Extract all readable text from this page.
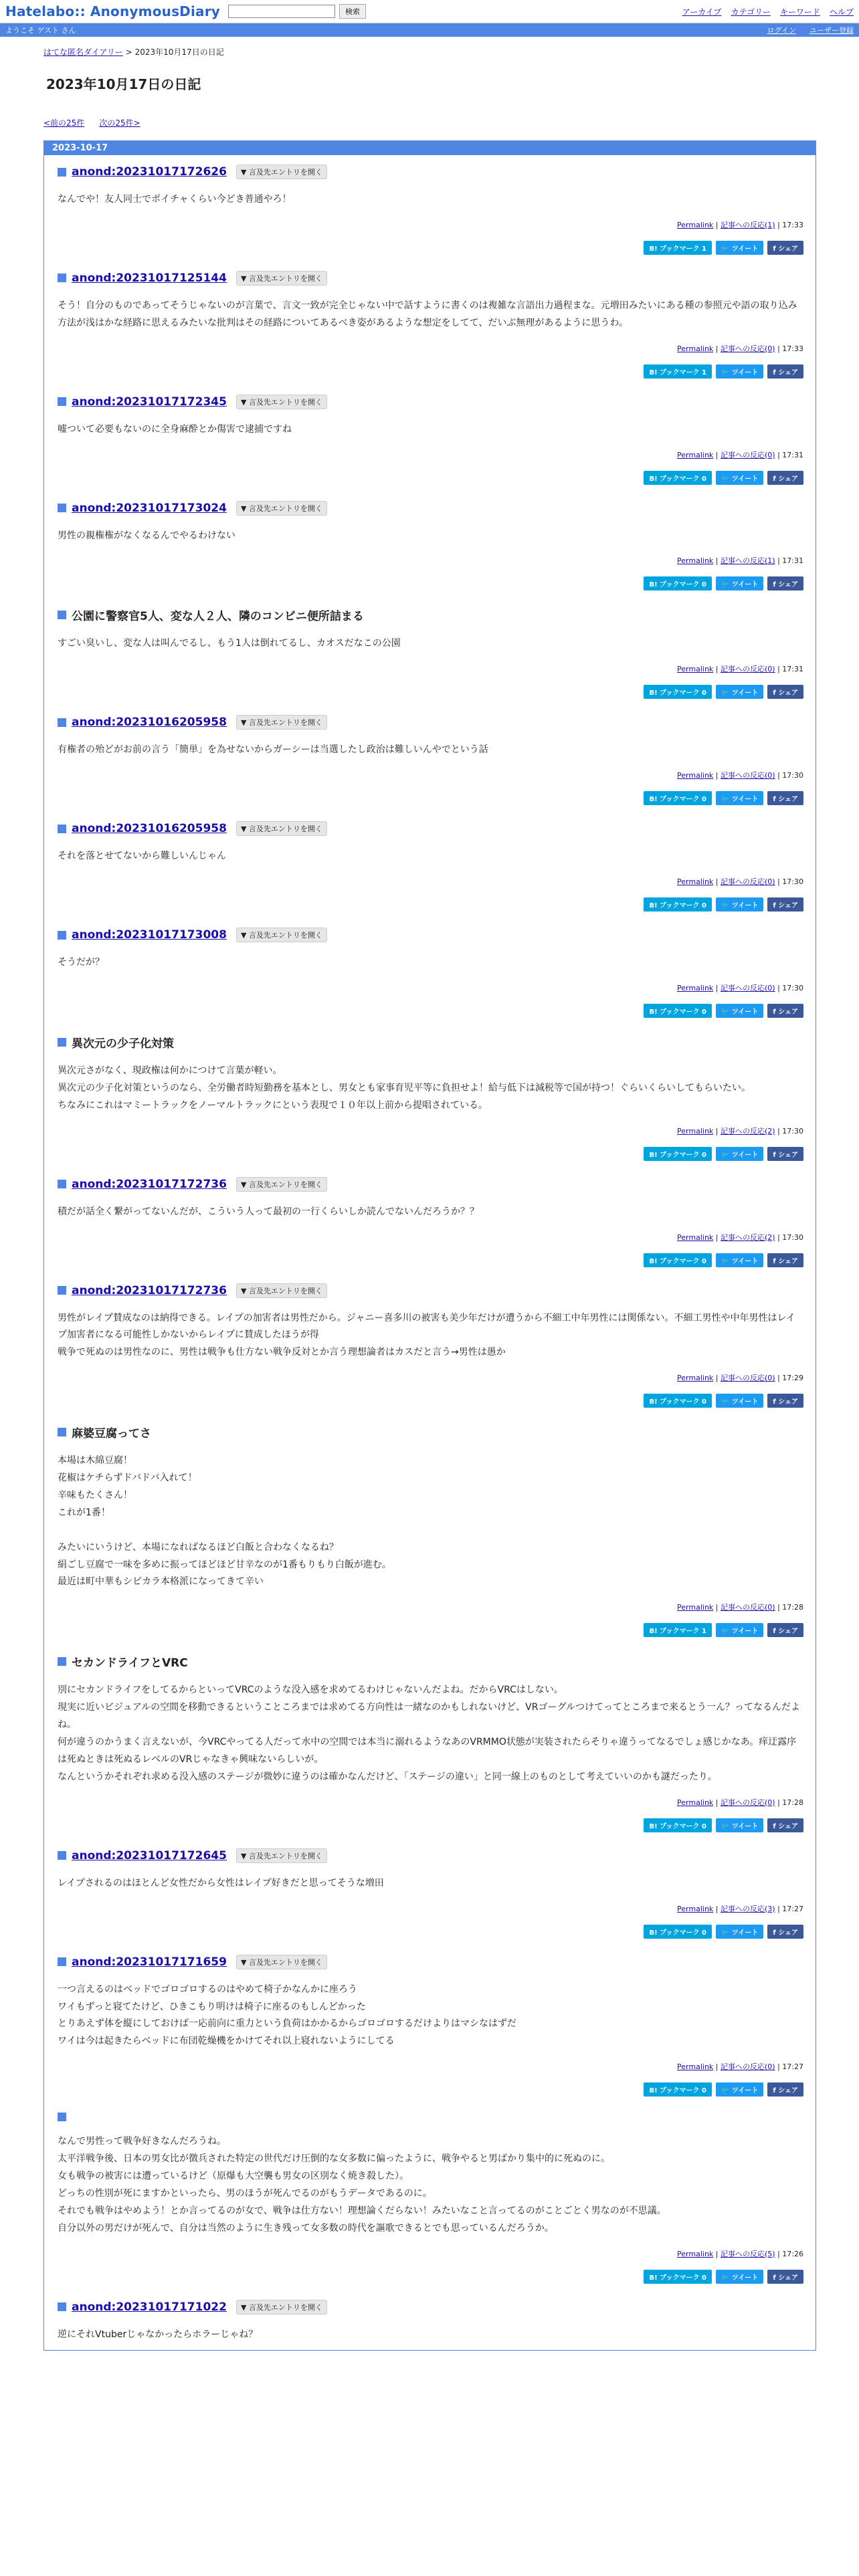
Hatelabo:: AnonymousDiary	検索	アーカイブ カテゴリー キーワード ヘルプ
ようこそ ゲスト さん	ログイン ユーザー登録
はてな匿名ダイアリー > 2023年10月17日の日記
2023年10月17日の日記
<前の25件 次の25件>
2023-10-17
anond:20231017172626	▼ 言及先エントリを開く

なんでや！友人同士でポイチャくらい今どき普通やろ！

Permalink | 記事への反応(1) | 17:33
B! ブックマーク 1	🐦 ツイート	f シェア
anond:20231017125144	▼ 言及先エントリを開く

そう！自分のものであってそうじゃないのが言葉で、言文一致が完全じゃない中で話すように書くのは複雑な言語出力過程まな。元増田みたいにある種の参照元や語の取り込み方法が浅はかな経路に思えるみたいな批判はその経路についてあるべき姿があるような想定をしてて、だいぶ無理があるように思うわ。

Permalink | 記事への反応(0) | 17:33
B! ブックマーク 1	🐦 ツイート	f シェア
anond:20231017172345	▼ 言及先エントリを開く

嘘ついて必要もないのに全身麻酔とか傷害で逮捕ですね

Permalink | 記事への反応(0) | 17:31
B! ブックマーク 0	🐦 ツイート	f シェア
anond:20231017173024	▼ 言及先エントリを開く

男性の親権権がなくなるんでやるわけない

Permalink | 記事への反応(1) | 17:31
B! ブックマーク 0	🐦 ツイート	f シェア
公園に警察官5人、変な人２人、隣のコンビニ便所詰まる

すごい臭いし、変な人は叫んでるし、もう1人は倒れてるし、カオスだなこの公園

Permalink | 記事への反応(0) | 17:31
B! ブックマーク 0	🐦 ツイート	f シェア
anond:20231016205958	▼ 言及先エントリを開く

有権者の殆どがお前の言う「簡単」を為せないからガーシーは当選したし政治は難しいんやでという話

Permalink | 記事への反応(0) | 17:30
B! ブックマーク 0	🐦 ツイート	f シェア
anond:20231016205958	▼ 言及先エントリを開く

それを落とせてないから難しいんじゃん

Permalink | 記事への反応(0) | 17:30
B! ブックマーク 0	🐦 ツイート	f シェア
anond:20231017173008	▼ 言及先エントリを開く

そうだが？

Permalink | 記事への反応(0) | 17:30
B! ブックマーク 0	🐦 ツイート	f シェア
異次元の少子化対策

異次元さがなく、現政権は何かにつけて言葉が軽い。

異次元の少子化対策というのなら、全労働者時短勤務を基本とし、男女とも家事育児平等に負担せよ！給与低下は減税等で国が持つ！ぐらいくらいしてもらいたい。

ちなみにこれはマミートラックをノーマルトラックにという表現で１０年以上前から提唱されている。

Permalink | 記事への反応(2) | 17:30
B! ブックマーク 0	🐦 ツイート	f シェア
anond:20231017172736	▼ 言及先エントリを開く

積だが話全く繋がってないんだが、こういう人って最初の一行くらいしか読んでないんだろうか？？

Permalink | 記事への反応(2) | 17:30
B! ブックマーク 0	🐦 ツイート	f シェア
anond:20231017172736	▼ 言及先エントリを開く

男性がレイプ賛成なのは納得できる。レイプの加害者は男性だから。ジャニー喜多川の被害も美少年だけが遭うから不細工中年男性には関係ない。不細工男性や中年男性はレイプ加害者になる可能性しかないからレイプに賛成したほうが得

戦争で死ぬのは男性なのに、男性は戦争も仕方ない戦争反対とか言う理想論者はカスだと言う→男性は愚か

Permalink | 記事への反応(0) | 17:29
B! ブックマーク 0	🐦 ツイート	f シェア
麻婆豆腐ってさ

本場は木綿豆腐！

花椒はケチらずドバドバ入れて！

辛味もたくさん！

これが1番！

みたいにいうけど、本場になればなるほど白飯と合わなくなるね？

絹ごし豆腐で一味を多めに振ってほどほど甘辛なのが1番もりもり白飯が進む。

最近は町中華もシビカラ本格派になってきて辛い

Permalink | 記事への反応(0) | 17:28
B! ブックマーク 1	🐦 ツイート	f シェア
セカンドライフとVRC

別にセカンドライフをしてるからといってVRCのような没入感を求めてるわけじゃないんだよね。だからVRCはしない。

現実に近いビジュアルの空間を移動できるということころまでは求めてる方向性は一緒なのかもしれないけど、VRゴーグルつけてってところまで来るとう一ん？ってなるんだよね。

何が違うのかうまく言えないが、今VRCやってる人だって水中の空間では本当に溺れるようなあのVRMMO状態が実装されたらそりゃ違うってなるでしょ感じかなあ。痒迂露序は死ぬときは死ぬるレベルのVRじゃなきゃ興味ないらしいが。

なんというかそれぞれ求める没入感のステージが微妙に違うのは確かなんだけど、「ステージの違い」と同一線上のものとして考えていいのかも謎だったり。

Permalink | 記事への反応(0) | 17:28
B! ブックマーク 0	🐦 ツイート	f シェア
anond:20231017172645	▼ 言及先エントリを開く

レイプされるのはほとんど女性だから女性はレイプ好きだと思ってそうな増田

Permalink | 記事への反応(3) | 17:27
B! ブックマーク 0	🐦 ツイート	f シェア
anond:20231017171659	▼ 言及先エントリを開く

一つ言えるのはベッドでゴロゴロするのはやめて椅子かなんかに座ろう

ワイもずっと寝てたけど、ひきこもり明けは椅子に座るのもしんどかった

とりあえず体を縦にしておけば一応前向に重力という負荷はかかるからゴロゴロするだけよりはマシなはずだ

ワイは今は起きたらベッドに布団乾燥機をかけてそれ以上寝れないようにしてる

Permalink | 記事への反応(0) | 17:27
B! ブックマーク 0	🐦 ツイート	f シェア

なんで男性って戦争好きなんだろうね。

太平洋戦争後、日本の男女比が徴兵された特定の世代だけ圧倒的な女多数に偏ったように、戦争やると男ばかり集中的に死ぬのに。

女も戦争の被害には遭っているけど（原爆も大空襲も男女の区別なく焼き殺した）。

どっちの性別が死にますかといったら、男のほうが死んでるのがもうデータであるのに。

それでも戦争はやめよう！とか言ってるのが女で、戦争は仕方ない！理想論くだらない！みたいなこと言ってるのがことごとく男なのが不思議。

自分以外の男だけが死んで、自分は当然のように生き残って女多数の時代を謳歌できるとでも思っているんだろうか。

Permalink | 記事への反応(5) | 17:26
B! ブックマーク 0	🐦 ツイート	f シェア
anond:20231017171022	▼ 言及先エントリを開く

逆にそれVtuberじゃなかったらホラーじゃね？
